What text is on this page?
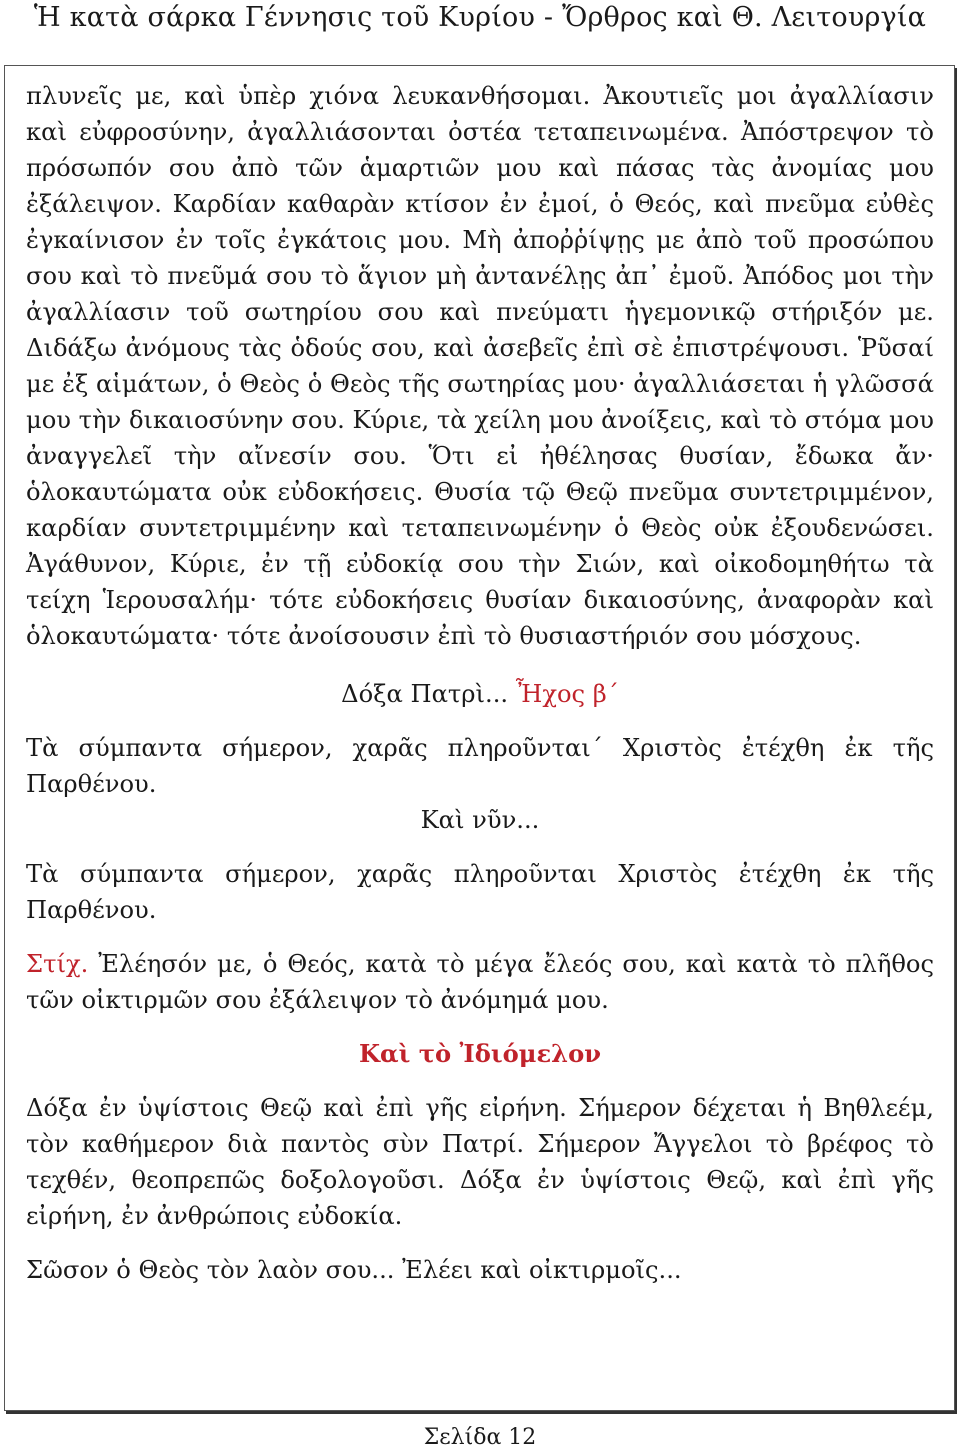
Ἡ κατὰ σάρκα Γέννησις τοῦ Κυρίου - Ὄρθρος καὶ Θ. Λειτουργία

πλυνεῖς με, καὶ ὑπὲρ χιόνα λευκανθήσομαι. Ἀκουτιεῖς μοι ἀγαλλίασιν καὶ εὐφροσύνην, ἀγαλλιάσονται ὀστέα τεταπεινωμένα. Ἀπόστρεψον τὸ πρόσωπόν σου ἀπὸ τῶν ἁμαρτιῶν μου καὶ πάσας τὰς ἀνομίας μου ἐξάλειψον. Καρδίαν καθαρὰν κτίσον ἐν ἐμοί, ὁ Θεός, καὶ πνεῦμα εὐθὲς ἐγκαίνισον ἐν τοῖς ἐγκάτοις μου. Μὴ ἀποῤῥίψῃς με ἀπὸ τοῦ προσώπου σου καὶ τὸ πνεῦμά σου τὸ ἅγιον μὴ ἀντανέλῃς ἀπ᾿ ἐμοῦ. Ἀπόδος μοι τὴν ἀγαλλίασιν τοῦ σωτηρίου σου καὶ πνεύματι ἡγεμονικῷ στήριξόν με. Διδάξω ἀνόμους τὰς ὁδούς σου, καὶ ἀσεβεῖς ἐπὶ σὲ ἐπιστρέψουσι. Ῥῦσαί με ἐξ αἱμάτων, ὁ Θεὸς ὁ Θεὸς τῆς σωτηρίας μου· ἀγαλλιάσεται ἡ γλῶσσά μου τὴν δικαιοσύνην σου. Κύριε, τὰ χείλη μου ἀνοίξεις, καὶ τὸ στόμα μου ἀναγγελεῖ τὴν αἴνεσίν σου. Ὅτι εἰ ἠθέλησας θυσίαν, ἔδωκα ἄν· ὁλοκαυτώματα οὐκ εὐδοκήσεις. Θυσία τῷ Θεῷ πνεῦμα συντετριμμένον, καρδίαν συντετριμμένην καὶ τεταπεινωμένην ὁ Θεὸς οὐκ ἐξουδενώσει. Ἀγάθυνον, Κύριε, ἐν τῇ εὐδοκίᾳ σου τὴν Σιών, καὶ οἰκοδομηθήτω τὰ τείχη Ἱερουσαλήμ· τότε εὐδοκήσεις θυσίαν δικαιοσύνης, ἀναφορὰν καὶ ὁλοκαυτώματα· τότε ἀνοίσουσιν ἐπὶ τὸ θυσιαστήριόν σου μόσχους.

Δόξα Πατρὶ... Ἦχος β΄

Τὰ σύμπαντα σήμερον, χαρᾶς πληροῦνται΄ Χριστὸς ἐτέχθη ἐκ τῆς Παρθένου.

Καὶ νῦν...

Τὰ σύμπαντα σήμερον, χαρᾶς πληροῦνται Χριστὸς ἐτέχθη ἐκ τῆς Παρθένου.

Στίχ. Ἐλέησόν με, ὁ Θεός, κατὰ τὸ μέγα ἔλεός σου, καὶ κατὰ τὸ πλῆθος τῶν οἰκτιρμῶν σου ἐξάλειψον τὸ ἀνόμημά μου.

Καὶ τὸ Ἰδιόμελον

Δόξα ἐν ὑψίστοις Θεῷ καὶ ἐπὶ γῆς εἰρήνη. Σήμερον δέχεται ἡ Βηθλεέμ, τὸν καθήμερον διὰ παντὸς σὺν Πατρί. Σήμερον Ἄγγελοι τὸ βρέφος τὸ τεχθέν, θεοπρεπῶς δοξολογοῦσι. Δόξα ἐν ὑψίστοις Θεῷ, καὶ ἐπὶ γῆς εἰρήνη, ἐν ἀνθρώποις εὐδοκία.

Σῶσον ὁ Θεὸς τὸν λαὸν σου... Ἐλέει καὶ οἰκτιρμοῖς...

Σελίδα 12
